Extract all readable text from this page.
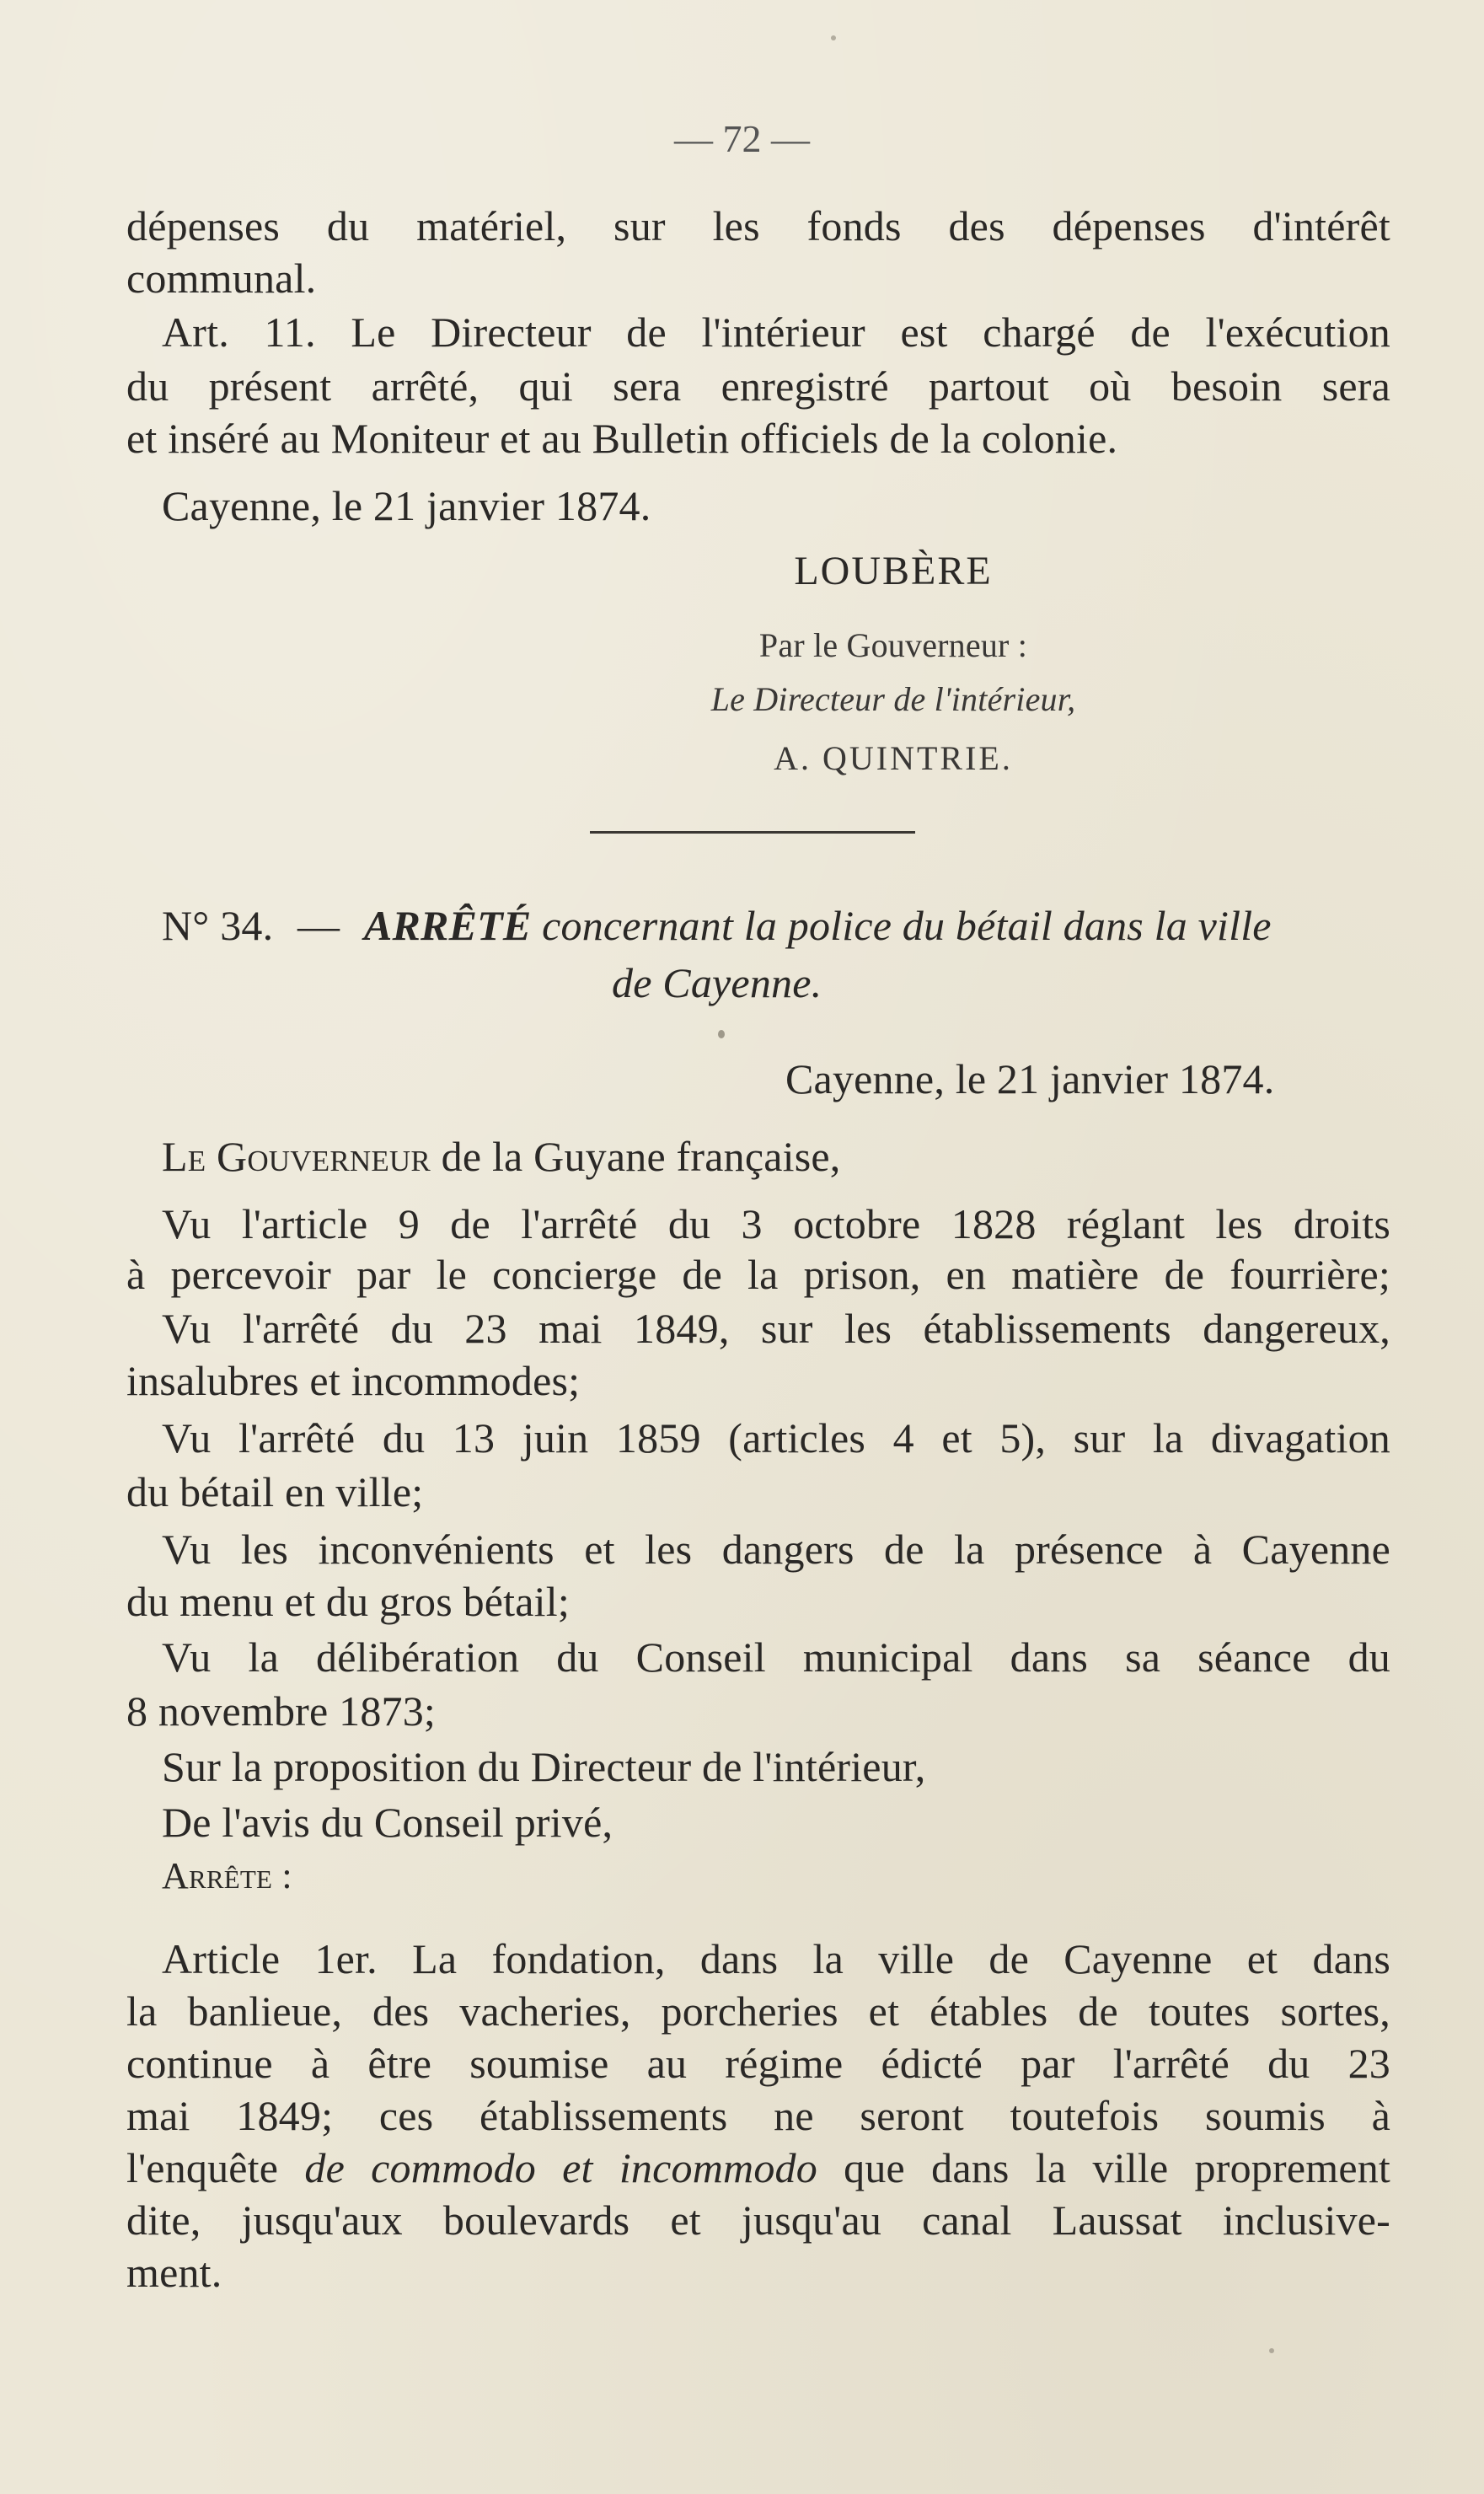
— 72 —
dépenses du matériel, sur les fonds des dépenses d'intérêt
communal.
Art. 11. Le Directeur de l'intérieur est chargé de l'exécution
du présent arrêté, qui sera enregistré partout où besoin sera
et inséré au Moniteur et au Bulletin officiels de la colonie.
Cayenne, le 21 janvier 1874.
LOUBÈRE
Par le Gouverneur :
Le Directeur de l'intérieur,
A. QUINTRIE.
N° 34. — ARRÊTÉ concernant la police du bétail dans la ville
de Cayenne.
Cayenne, le 21 janvier 1874.
Le Gouverneur de la Guyane française,
Vu l'article 9 de l'arrêté du 3 octobre 1828 réglant les droits
à percevoir par le concierge de la prison, en matière de fourrière;
Vu l'arrêté du 23 mai 1849, sur les établissements dangereux,
insalubres et incommodes;
Vu l'arrêté du 13 juin 1859 (articles 4 et 5), sur la divagation
du bétail en ville;
Vu les inconvénients et les dangers de la présence à Cayenne
du menu et du gros bétail;
Vu la délibération du Conseil municipal dans sa séance du
8 novembre 1873;
Sur la proposition du Directeur de l'intérieur,
De l'avis du Conseil privé,
Arrête :
Article 1er. La fondation, dans la ville de Cayenne et dans
la banlieue, des vacheries, porcheries et étables de toutes sortes,
continue à être soumise au régime édicté par l'arrêté du 23
mai 1849; ces établissements ne seront toutefois soumis à
l'enquête de commodo et incommodo que dans la ville proprement
dite, jusqu'aux boulevards et jusqu'au canal Laussat inclusive-
ment.
